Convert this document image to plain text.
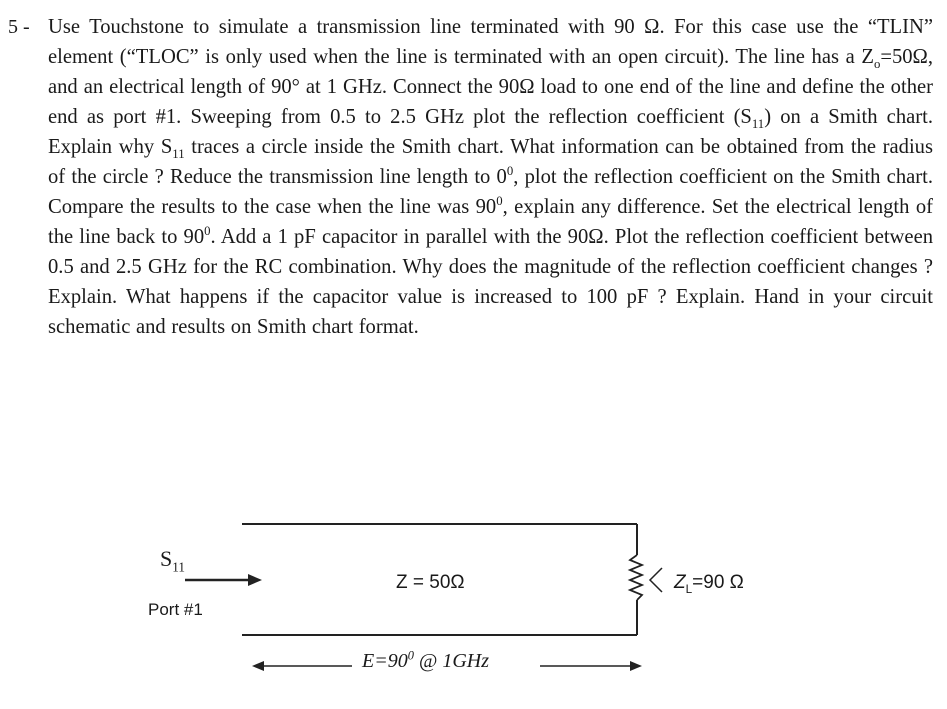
5 - Use Touchstone to simulate a transmission line terminated with 90 Ω. For this case use the “TLIN” element (“TLOC” is only used when the line is terminated with an open circuit). The line has a $Z_o=50\Omega$, and an electrical length of 90° at 1 GHz. Connect the 90Ω load to one end of the line and define the other end as port #1. Sweeping from 0.5 to 2.5 GHz plot the reflection coefficient $(S_{11})$ on a Smith chart. Explain why $S_{11}$ traces a circle inside the Smith chart. What information can be obtained from the radius of the circle ? Reduce the transmission line length to $0^0$, plot the reflection coefficient on the Smith chart. Compare the results to the case when the line was $90^0$, explain any difference. Set the electrical length of the line back to $90^0$. Add a 1 pF capacitor in parallel with the 90Ω. Plot the reflection coefficient between 0.5 and 2.5 GHz for the RC combination. Why does the magnitude of the reflection coefficient changes ? Explain. What happens if the capacitor value is increased to 100 pF ? Explain. Hand in your circuit schematic and results on Smith chart format.

$S_{11}$
Port #1
Z = 50Ω	$Z_L=90$ Ω
$E=90^0$ @ 1GHz
